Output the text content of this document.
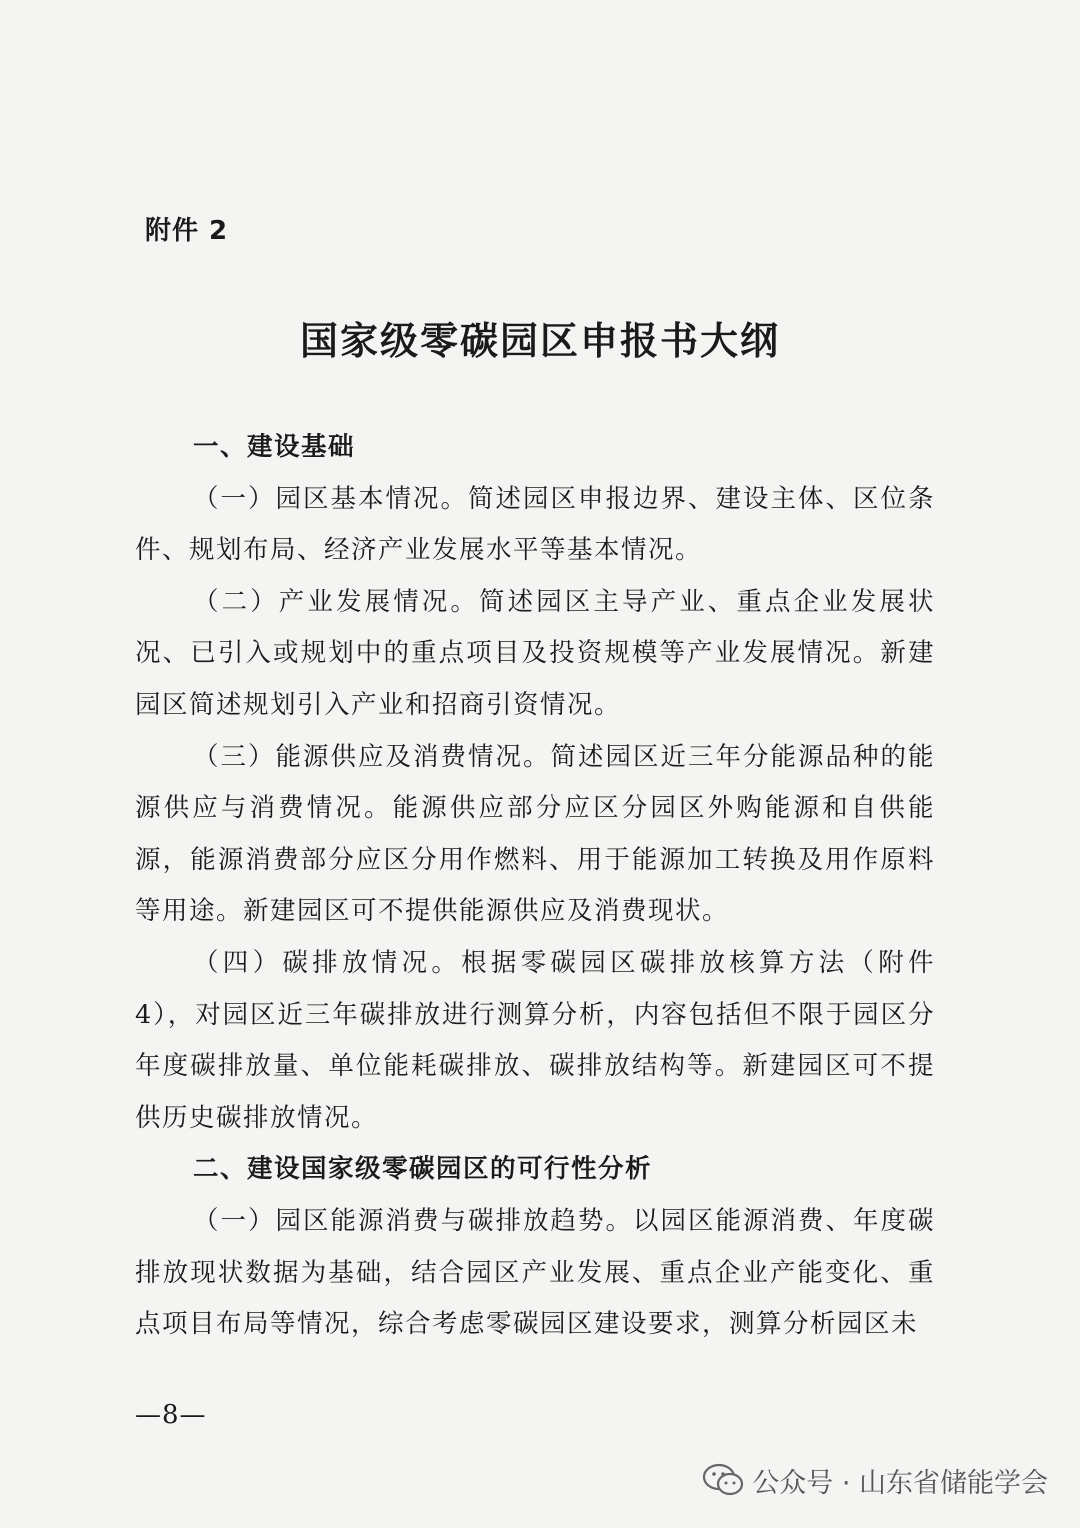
附件 2
国家级零碳园区申报书大纲

一、建设基础

（一）园区基本情况。简述园区申报边界、建设主体、区位条件、规划布局、经济产业发展水平等基本情况。

（二）产业发展情况。简述园区主导产业、重点企业发展状况、已引入或规划中的重点项目及投资规模等产业发展情况。新建园区简述规划引入产业和招商引资情况。

（三）能源供应及消费情况。简述园区近三年分能源品种的能源供应与消费情况。能源供应部分应区分园区外购能源和自供能源，能源消费部分应区分用作燃料、用于能源加工转换及用作原料等用途。新建园区可不提供能源供应及消费现状。

（四）碳排放情况。根据零碳园区碳排放核算方法（附件 4），对园区近三年碳排放进行测算分析，内容包括但不限于园区分年度碳排放量、单位能耗碳排放、碳排放结构等。新建园区可不提供历史碳排放情况。

二、建设国家级零碳园区的可行性分析

（一）园区能源消费与碳排放趋势。以园区能源消费、年度碳排放现状数据为基础，结合园区产业发展、重点企业产能变化、重点项目布局等情况，综合考虑零碳园区建设要求，测算分析园区未

—8—
公众号 · 山东省储能学会
